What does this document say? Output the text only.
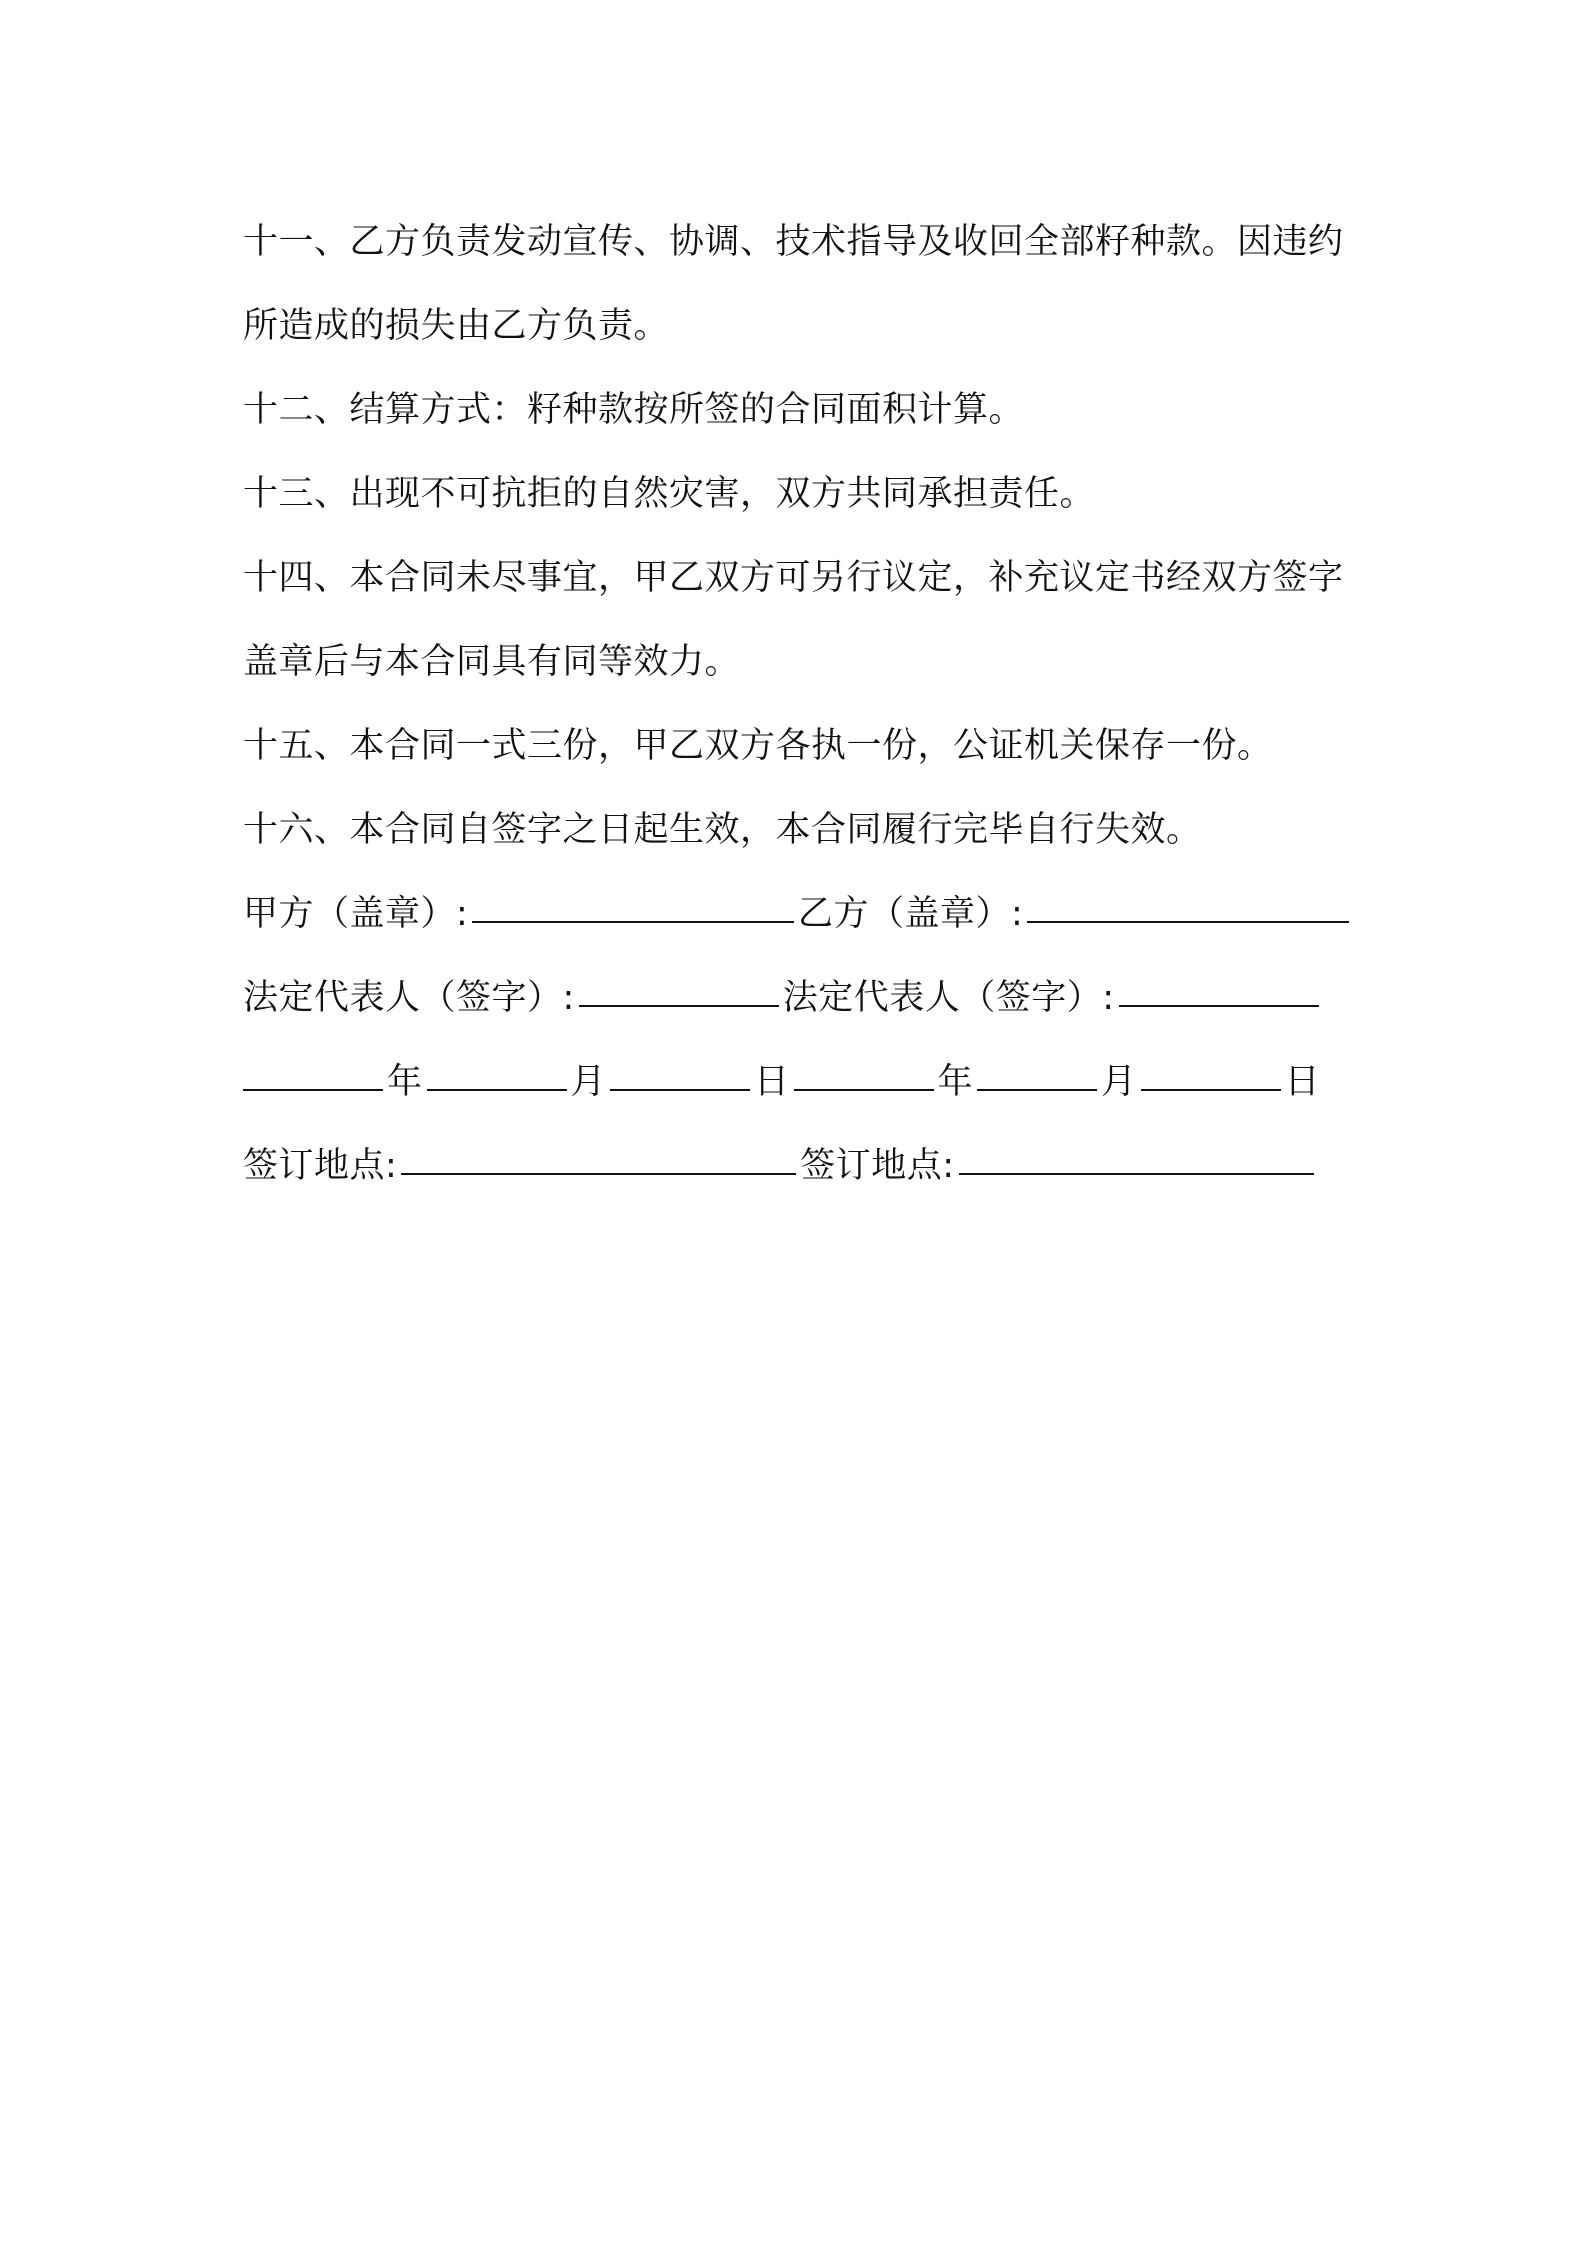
十一、乙方负责发动宣传、协调、技术指导及收回全部籽种款。因违约所造成的损失由乙方负责。

十二、结算方式：籽种款按所签的合同面积计算。

十三、出现不可抗拒的自然灾害，双方共同承担责任。

十四、本合同未尽事宜，甲乙双方可另行议定，补充议定书经双方签字盖章后与本合同具有同等效力。

十五、本合同一式三份，甲乙双方各执一份，公证机关保存一份。

十六、本合同自签字之日起生效，本合同履行完毕自行失效。

甲方（盖章）:	乙方（盖章）:
法定代表人（签字）:	法定代表人（签字）:
年	月	日	年	月	日
签订地点:	签订地点:
